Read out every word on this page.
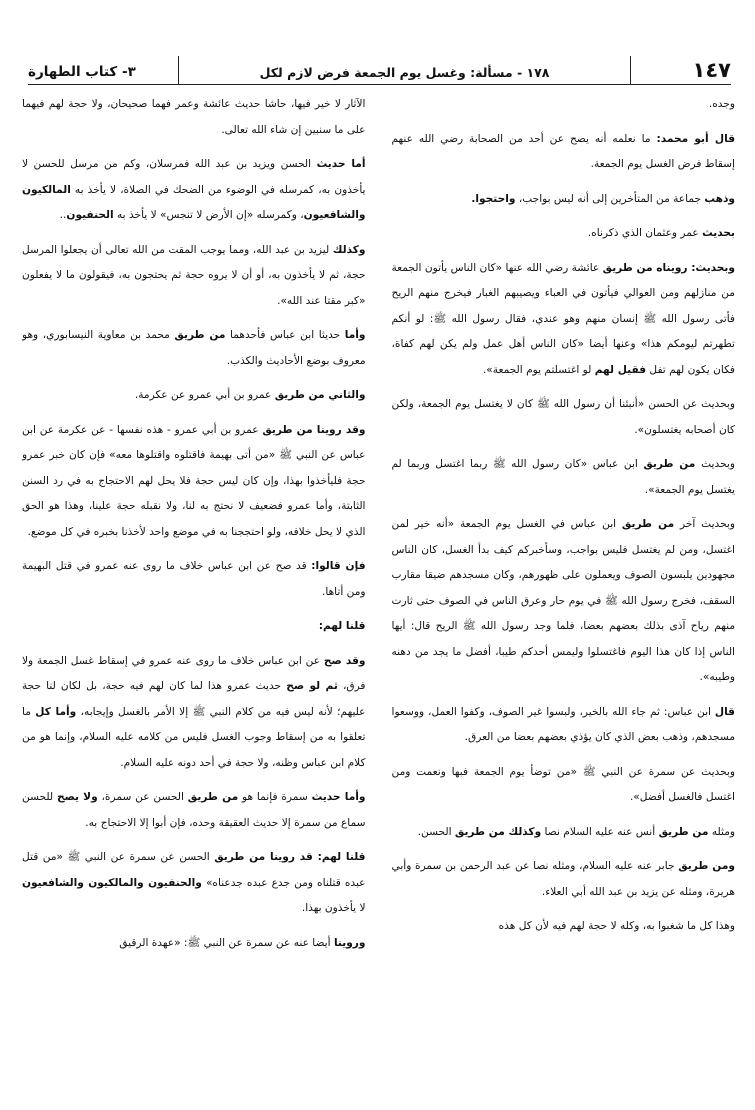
١٤٧
١٧٨ - مسألة: وغسل يوم الجمعة فرض لازم لكل
٣- كتاب الطهارة

وجده.

قال أبو محمد: ما نعلمه أنه يصح عن أحد من الصحابة رضي الله عنهم إسقاط فرض الغسل يوم الجمعة.

وذهب جماعة من المتأخرين إلى أنه ليس بواجب، واحتجوا.

بحديث عمر وعثمان الذي ذكرناه.

وبحديث: رويناه من طريق عائشة رضي الله عنها «كان الناس يأتون الجمعة من منازلهم ومن العوالي فيأتون في العباء ويصيبهم الغبار فيخرج منهم الريح فأتى رسول الله ﷺ إنسان منهم وهو عندي، فقال رسول الله ﷺ: لو أنكم تطهرتم ليومكم هذا» وعنها أيضا «كان الناس أهل عمل ولم يكن لهم كفاة، فكان يكون لهم تفل فقيل لهم لو اغتسلتم يوم الجمعة».

وبحديث عن الحسن «أنبئنا أن رسول الله ﷺ كان لا يغتسل يوم الجمعة، ولكن كان أصحابه يغتسلون».

وبحديث من طريق ابن عباس «كان رسول الله ﷺ ربما اغتسل وربما لم يغتسل يوم الجمعة».

وبحديث آخر من طريق ابن عباس في الغسل يوم الجمعة «أنه خير لمن اغتسل، ومن لم يغتسل فليس بواجب، وسأخبركم كيف بدأ الغسل، كان الناس مجهودين يلبسون الصوف ويعملون على ظهورهم، وكان مسجدهم ضيقا مقارب السقف، فخرج رسول الله ﷺ في يوم حار وعرق الناس في الصوف حتى ثارت منهم رياح آذى بذلك بعضهم بعضا، فلما وجد رسول الله ﷺ الريح قال: أيها الناس إذا كان هذا اليوم فاغتسلوا وليمس أحدكم طيبا، أفضل ما يجد من دهنه وطيبه».

قال ابن عباس: ثم جاء الله بالخير، ولبسوا غير الصوف، وكفوا العمل، ووسعوا مسجدهم، وذهب بعض الذي كان يؤذي بعضهم بعضا من العرق.

وبحديث عن سمرة عن النبي ﷺ «من توضأ يوم الجمعة فبها ونعمت ومن اغتسل فالغسل أفضل».

ومثله من طريق أنس عنه عليه السلام نصا وكذلك من طريق الحسن.

ومن طريق جابر عنه عليه السلام، ومثله نصا عن عبد الرحمن بن سمرة وأبي هريرة، ومثله عن يزيد بن عبد الله أبي العلاء.

وهذا كل ما شغبوا به، وكله لا حجة لهم فيه لأن كل هذه

الآثار لا خير فيها، حاشا حديث عائشة وعمر فهما صحيحان، ولا حجة لهم فيهما على ما سنبين إن شاء الله تعالى.

أما حديث الحسن ويزيد بن عبد الله فمرسلان، وكم من مرسل للحسن لا يأخذون به، كمرسله في الوضوء من الضحك في الصلاة، لا يأخذ به المالكيون والشافعيون، وكمرسله «إن الأرض لا تنجس» لا يأخذ به الحنفيون..

وكذلك ليزيد بن عبد الله، ومما يوجب المقت من الله تعالى أن يجعلوا المرسل حجة، ثم لا يأخذون به، أو أن لا يروه حجة ثم يحتجون به، فيقولون ما لا يفعلون «كبر مقتا عند الله».

وأما حديثا ابن عباس فأحدهما من طريق محمد بن معاوية النيسابوري، وهو معروف بوضع الأحاديث والكذب.

والثاني من طريق عمرو بن أبي عمرو عن عكرمة.

وقد روينا من طريق عمرو بن أبي عمرو - هذه نفسها - عن عكرمة عن ابن عباس عن النبي ﷺ «من أتى بهيمة فاقتلوه واقتلوها معه» فإن كان خبر عمرو حجة فليأخذوا بهذا، وإن كان ليس حجة فلا يحل لهم الاحتجاج به في رد السنن الثابتة، وأما عمرو فضعيف لا نحتج به لنا، ولا نقبله حجة علينا، وهذا هو الحق الذي لا يحل خلافه، ولو احتججنا به في موضع واحد لأخذنا بخبره في كل موضع.

فإن قالوا: قد صح عن ابن عباس خلاف ما روى عنه عمرو في قتل البهيمة ومن أتاها.

قلنا لهم:

وقد صح عن ابن عباس خلاف ما روى عنه عمرو في إسقاط غسل الجمعة ولا فرق، ثم لو صح حديث عمرو هذا لما كان لهم فيه حجة، بل لكان لنا حجة عليهم؛ لأنه ليس فيه من كلام النبي ﷺ إلا الأمر بالغسل وإيجابه، وأما كل ما تعلقوا به من إسقاط وجوب الغسل فليس من كلامه عليه السلام، وإنما هو من كلام ابن عباس وظنه، ولا حجة في أحد دونه عليه السلام.

وأما حديث سمرة فإنما هو من طريق الحسن عن سمرة، ولا يصح للحسن سماع من سمرة إلا حديث العقيقة وحده، فإن أبوا إلا الاحتجاج به.

قلنا لهم: قد روينا من طريق الحسن عن سمرة عن النبي ﷺ «من قتل عبده قتلناه ومن جدع عبده جدعناه» والحنفيون والمالكيون والشافعيون لا يأخذون بهذا.

وروينا أيضا عنه عن سمرة عن النبي ﷺ: «عهدة الرقيق
